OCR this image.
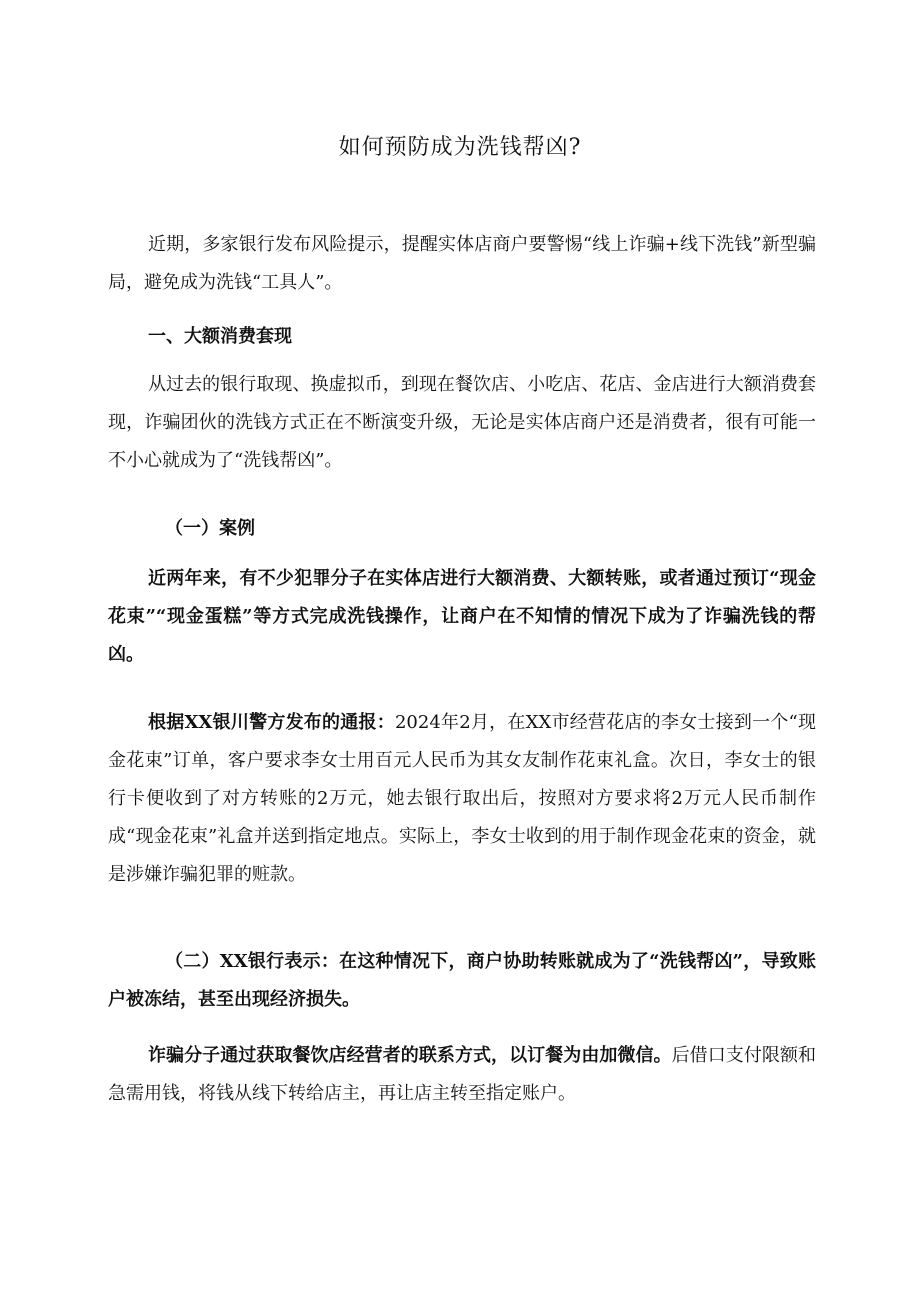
如何预防成为洗钱帮凶?

近期，多家银行发布风险提示，提醒实体店商户要警惕“线上诈骗+线下洗钱”新型骗局，避免成为洗钱“工具人”。

一、大额消费套现

从过去的银行取现、换虚拟币，到现在餐饮店、小吃店、花店、金店进行大额消费套现，诈骗团伙的洗钱方式正在不断演变升级，无论是实体店商户还是消费者，很有可能一不小心就成为了“洗钱帮凶”。

（一）案例

近两年来，有不少犯罪分子在实体店进行大额消费、大额转账，或者通过预订“现金花束”“现金蛋糕”等方式完成洗钱操作，让商户在不知情的情况下成为了诈骗洗钱的帮凶。

根据XX银川警方发布的通报：2024年2月，在XX市经营花店的李女士接到一个“现金花束”订单，客户要求李女士用百元人民币为其女友制作花束礼盒。次日，李女士的银行卡便收到了对方转账的2万元，她去银行取出后，按照对方要求将2万元人民币制作成“现金花束”礼盒并送到指定地点。实际上，李女士收到的用于制作现金花束的资金，就是涉嫌诈骗犯罪的赃款。

（二）XX银行表示：在这种情况下，商户协助转账就成为了“洗钱帮凶”，导致账户被冻结，甚至出现经济损失。

诈骗分子通过获取餐饮店经营者的联系方式，以订餐为由加微信。后借口支付限额和急需用钱，将钱从线下转给店主，再让店主转至指定账户。
